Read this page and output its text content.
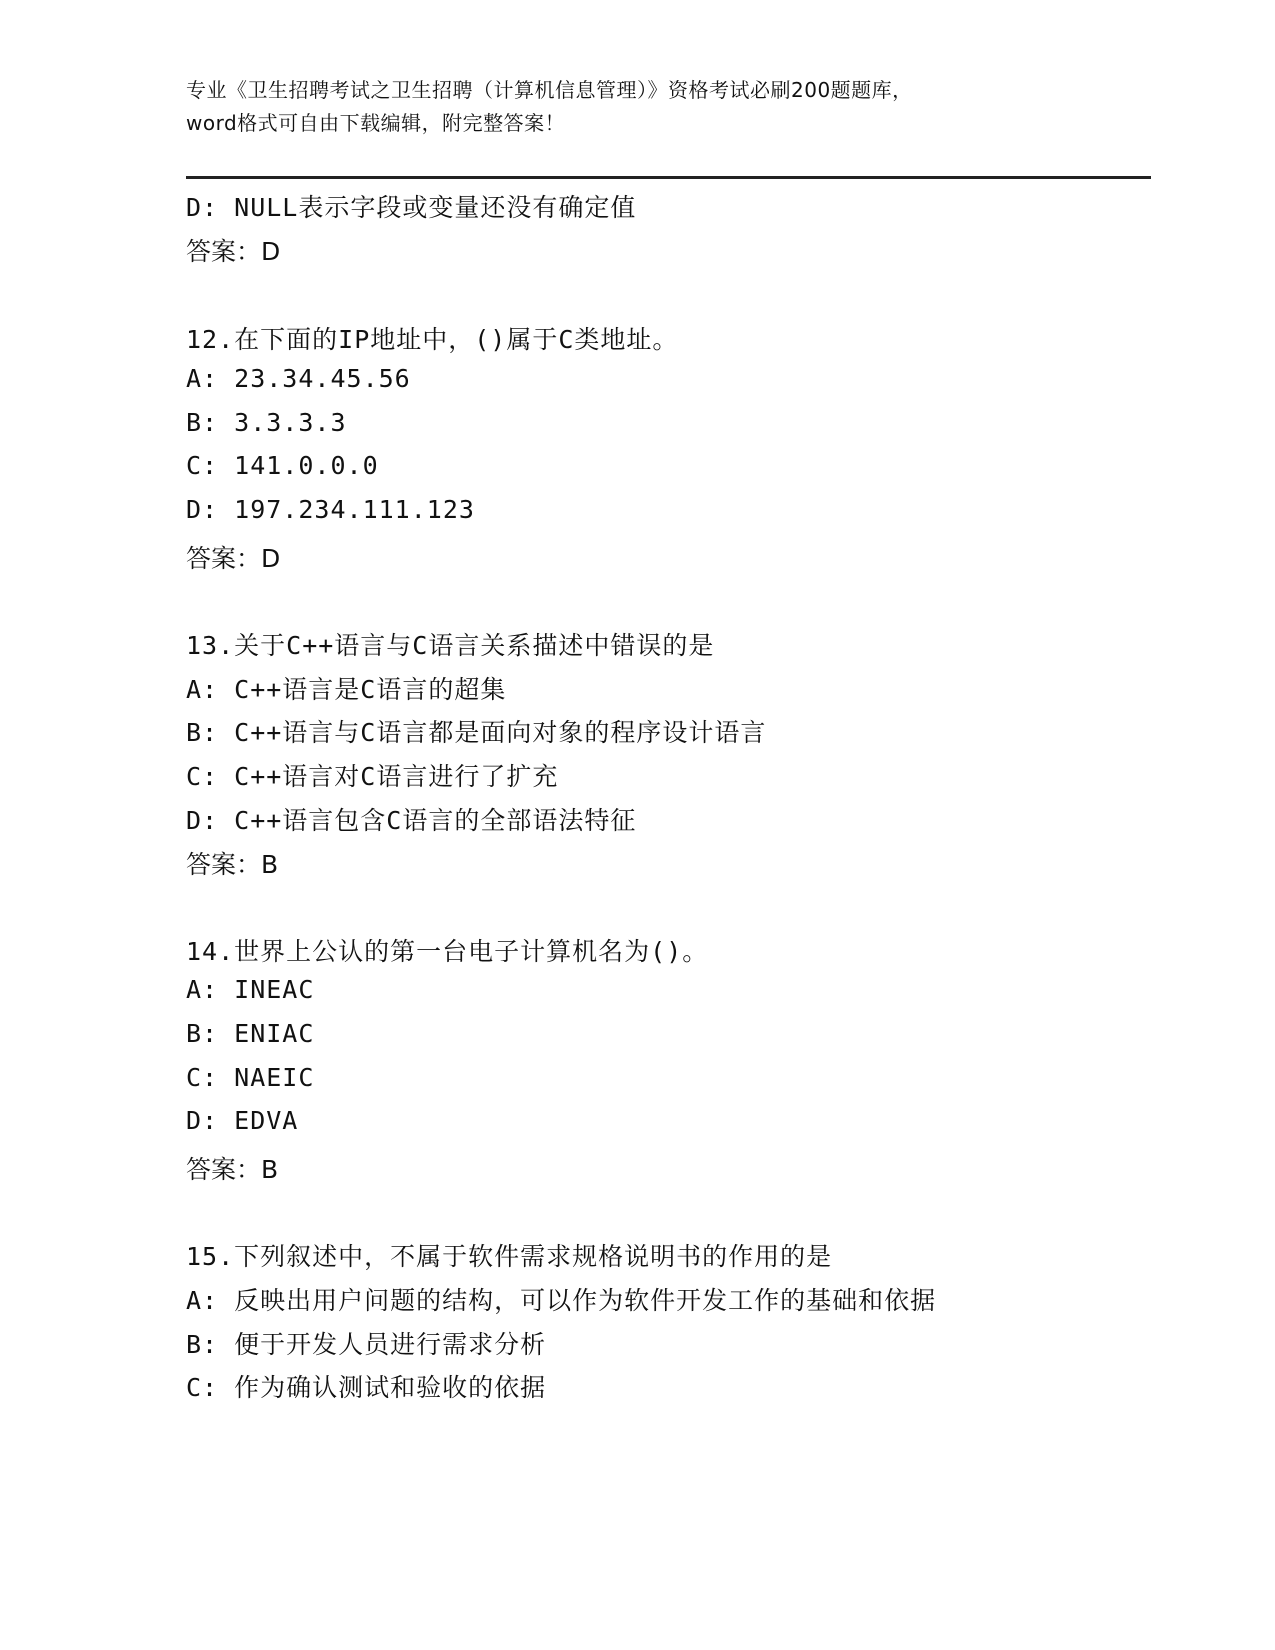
专业《卫生招聘考试之卫生招聘（计算机信息管理）》资格考试必刷200题题库，
word格式可自由下载编辑，附完整答案！
D: NULL表示字段或变量还没有确定值
答案：D
12.在下面的IP地址中，()属于C类地址。
A: 23.34.45.56
B: 3.3.3.3
C: 141.0.0.0
D: 197.234.111.123
答案：D
13.关于C++语言与C语言关系描述中错误的是
A: C++语言是C语言的超集
B: C++语言与C语言都是面向对象的程序设计语言
C: C++语言对C语言进行了扩充
D: C++语言包含C语言的全部语法特征
答案：B
14.世界上公认的第一台电子计算机名为()。
A: INEAC
B: ENIAC
C: NAEIC
D: EDVA
答案：B
15.下列叙述中，不属于软件需求规格说明书的作用的是
A: 反映出用户问题的结构，可以作为软件开发工作的基础和依据
B: 便于开发人员进行需求分析
C: 作为确认测试和验收的依据
